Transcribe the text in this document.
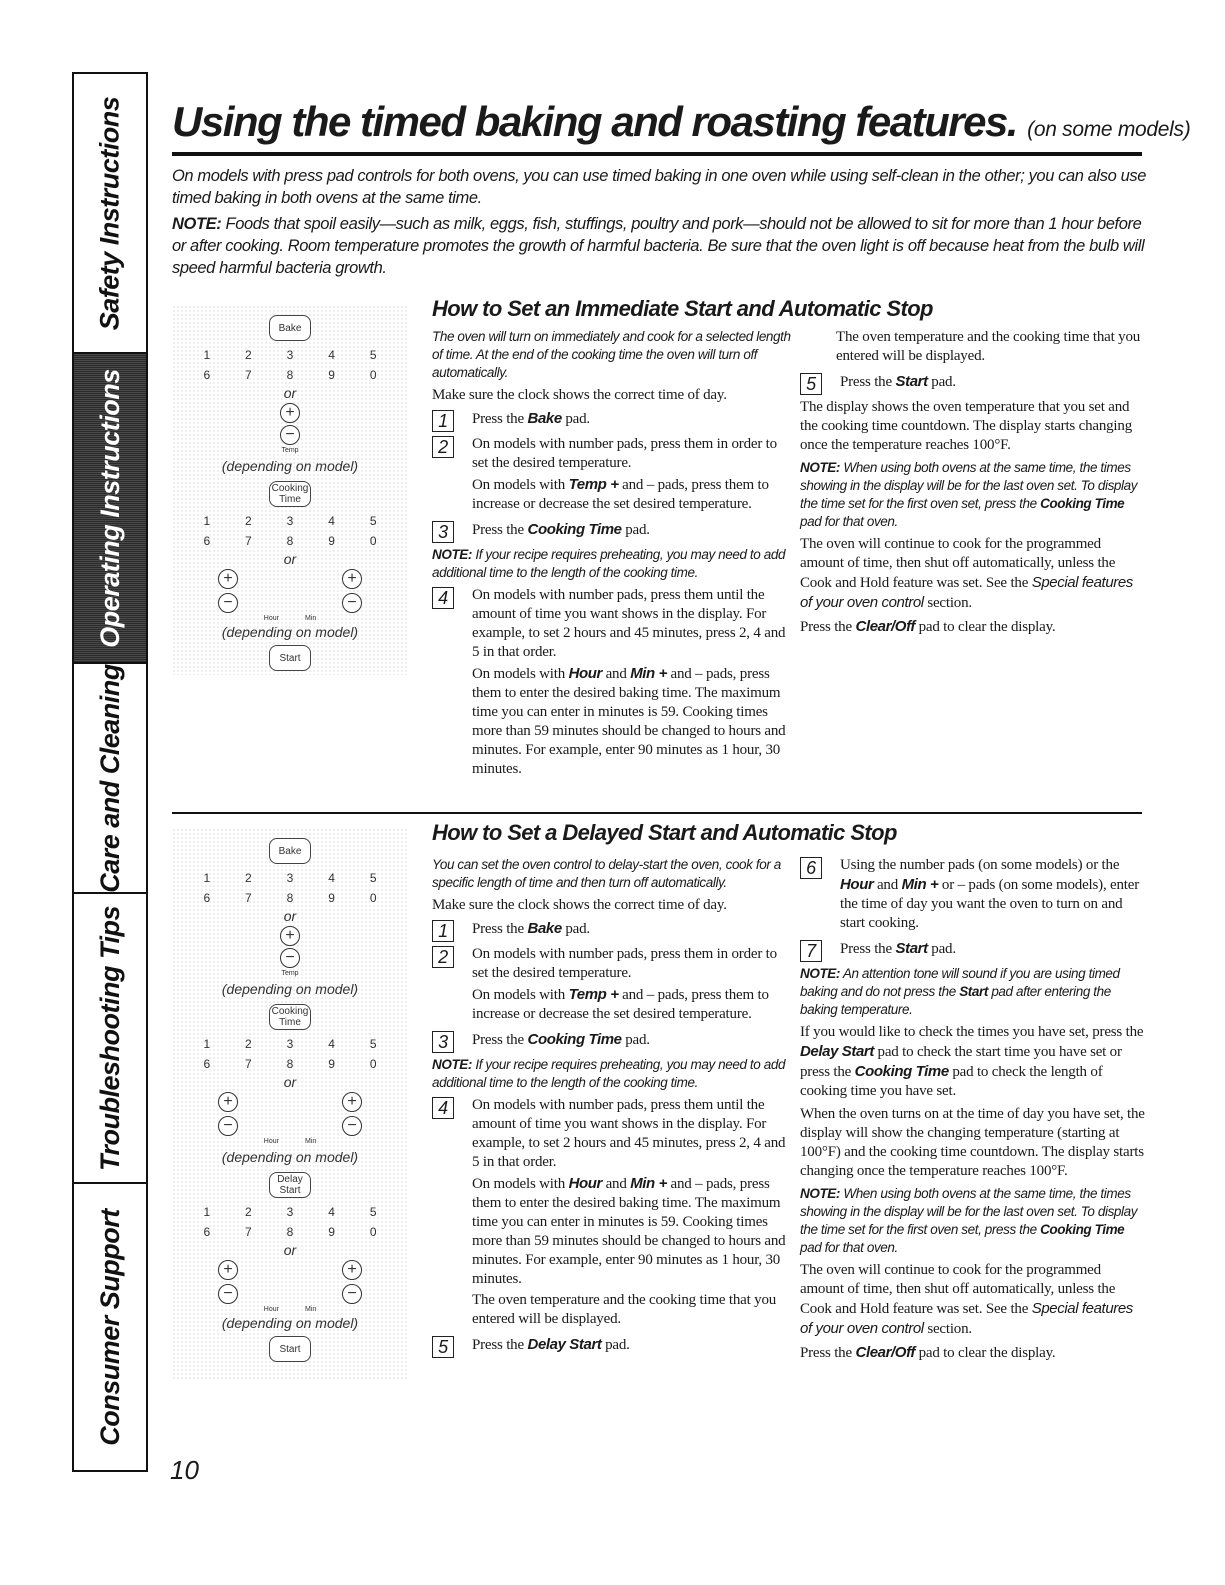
Safety Instructions
Operating Instructions
Care and Cleaning
Troubleshooting Tips
Consumer Support
Using the timed baking and roasting features. (on some models)

On models with press pad controls for both ovens, you can use timed baking in one oven while using self-clean in the other; you can also use timed baking in both ovens at the same time.

NOTE: Foods that spoil easily—such as milk, eggs, fish, stuffings, poultry and pork—should not be allowed to sit for more than 1 hour before or after cooking. Room temperature promotes the growth of harmful bacteria. Be sure that the oven light is off because heat from the bulb will speed harmful bacteria growth.

Bake
1	2	3	4	5
6	7	8	9	0
or
+
−
Temp
(depending on model)
Cooking Time
1	2	3	4	5
6	7	8	9	0
or
+	+
−	−
Hour	Min
(depending on model)
Start
How to Set an Immediate Start and Automatic Stop

The oven will turn on immediately and cook for a selected length of time. At the end of the cooking time the oven will turn off automatically.

Make sure the clock shows the correct time of day.

1	Press the Bake pad.

2	On models with number pads, press them in order to set the desired temperature.

On models with Temp + and – pads, press them to increase or decrease the set desired temperature.

3	Press the Cooking Time pad.

NOTE: If your recipe requires preheating, you may need to add additional time to the length of the cooking time.

4	On models with number pads, press them until the amount of time you want shows in the display. For example, to set 2 hours and 45 minutes, press 2, 4 and 5 in that order.

On models with Hour and Min + and – pads, press them to enter the desired baking time. The maximum time you can enter in minutes is 59. Cooking times more than 59 minutes should be changed to hours and minutes. For example, enter 90 minutes as 1 hour, 30 minutes.

The oven temperature and the cooking time that you entered will be displayed.

5	Press the Start pad.

The display shows the oven temperature that you set and the cooking time countdown. The display starts changing once the temperature reaches 100°F.

NOTE: When using both ovens at the same time, the times showing in the display will be for the last oven set. To display the time set for the first oven set, press the Cooking Time pad for that oven.

The oven will continue to cook for the programmed amount of time, then shut off automatically, unless the Cook and Hold feature was set. See the Special features of your oven control section.

Press the Clear/Off pad to clear the display.

Bake
1	2	3	4	5
6	7	8	9	0
or
+
−
Temp
(depending on model)
Cooking Time
1	2	3	4	5
6	7	8	9	0
or
+	+
−	−
Hour	Min
(depending on model)
Delay Start
1	2	3	4	5
6	7	8	9	0
or
+	+
−	−
Hour	Min
(depending on model)
Start
How to Set a Delayed Start and Automatic Stop

You can set the oven control to delay-start the oven, cook for a specific length of time and then turn off automatically.

Make sure the clock shows the correct time of day.

1	Press the Bake pad.

2	On models with number pads, press them in order to set the desired temperature.

On models with Temp + and – pads, press them to increase or decrease the set desired temperature.

3	Press the Cooking Time pad.

NOTE: If your recipe requires preheating, you may need to add additional time to the length of the cooking time.

4	On models with number pads, press them until the amount of time you want shows in the display. For example, to set 2 hours and 45 minutes, press 2, 4 and 5 in that order.

On models with Hour and Min + and – pads, press them to enter the desired baking time. The maximum time you can enter in minutes is 59. Cooking times more than 59 minutes should be changed to hours and minutes. For example, enter 90 minutes as 1 hour, 30 minutes.

The oven temperature and the cooking time that you entered will be displayed.

5	Press the Delay Start pad.

6	Using the number pads (on some models) or the Hour and Min + or – pads (on some models), enter the time of day you want the oven to turn on and start cooking.

7	Press the Start pad.

NOTE: An attention tone will sound if you are using timed baking and do not press the Start pad after entering the baking temperature.

If you would like to check the times you have set, press the Delay Start pad to check the start time you have set or press the Cooking Time pad to check the length of cooking time you have set.

When the oven turns on at the time of day you have set, the display will show the changing temperature (starting at 100°F) and the cooking time countdown. The display starts changing once the temperature reaches 100°F.

NOTE: When using both ovens at the same time, the times showing in the display will be for the last oven set. To display the time set for the first oven set, press the Cooking Time pad for that oven.

The oven will continue to cook for the programmed amount of time, then shut off automatically, unless the Cook and Hold feature was set. See the Special features of your oven control section.

Press the Clear/Off pad to clear the display.

10
